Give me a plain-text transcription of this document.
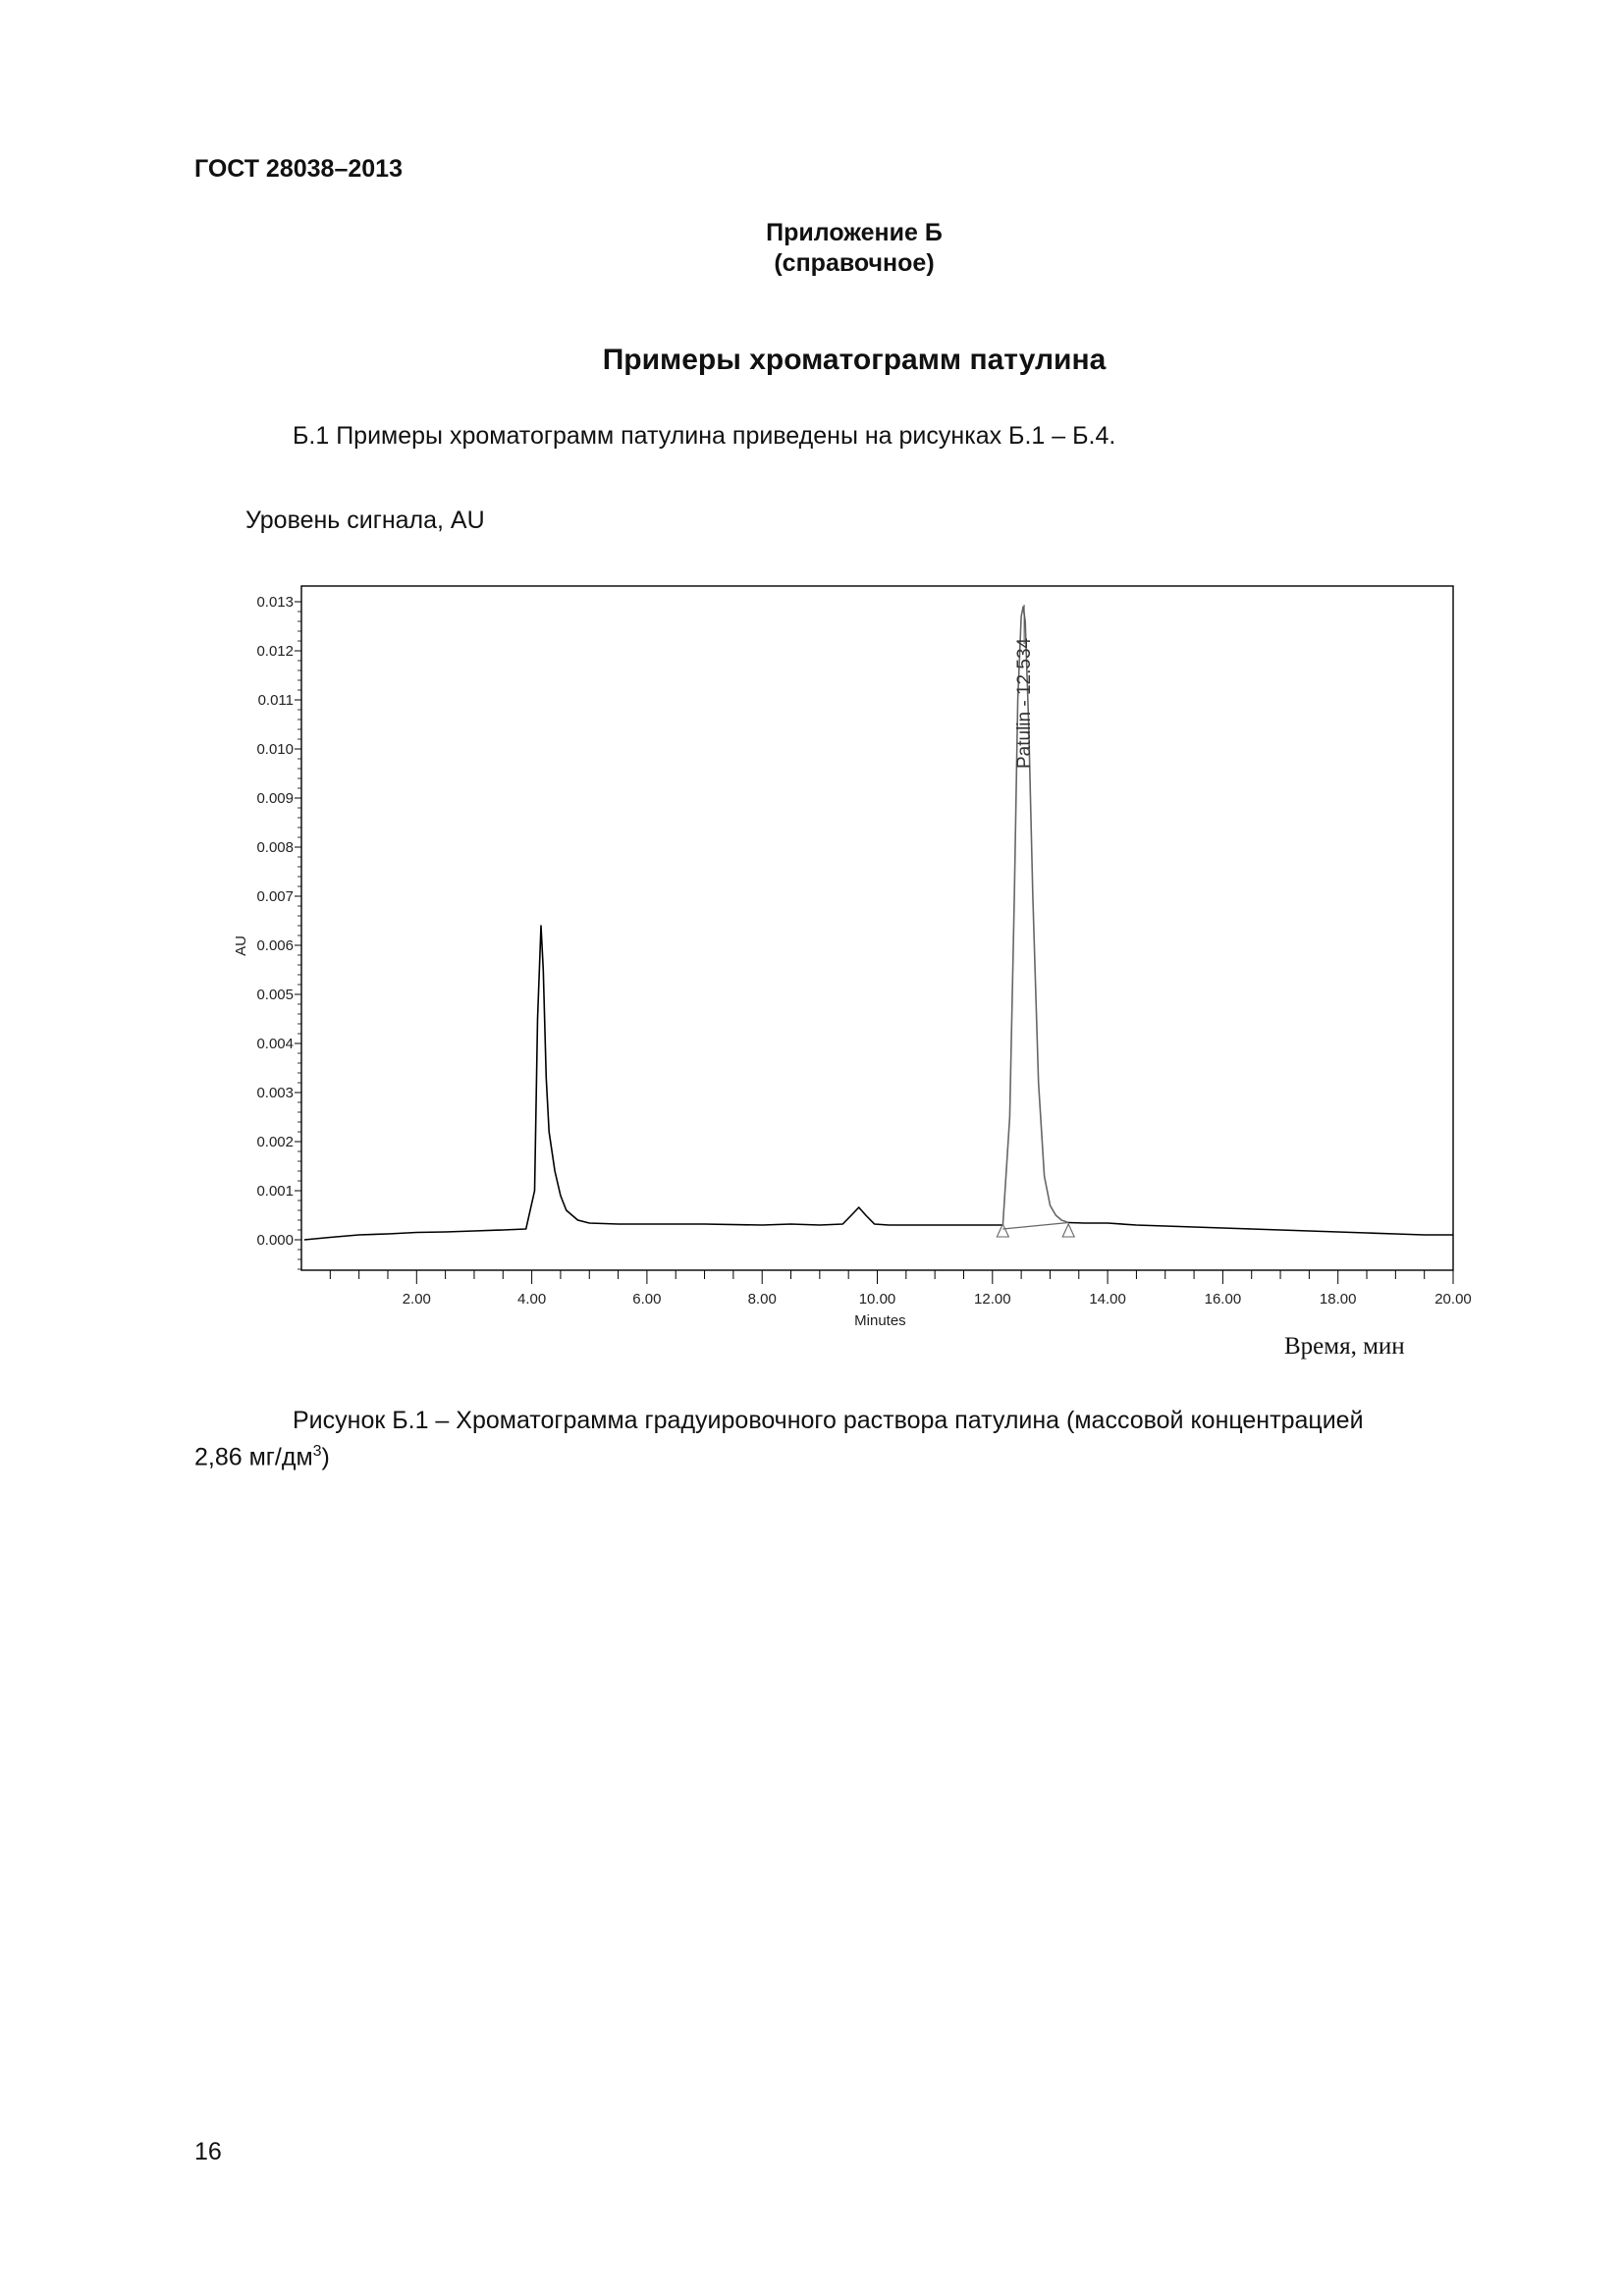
ГОСТ 28038–2013
Приложение Б
(справочное)
Примеры хроматограмм патулина
Б.1 Примеры хроматограмм патулина приведены на рисунках Б.1 – Б.4.
Уровень сигнала, AU
0.000
0.001
0.002
0.003
0.004
0.005
0.006
0.007
0.008
0.009
0.010
0.011
0.012
0.013
AU
2.00	4.00	6.00	8.00	10.00	12.00	14.00	16.00	18.00	20.00
Minutes
Patulin - 12.534
Время, мин
Рисунок Б.1 – Хроматограмма градуировочного раствора патулина (массовой концентрацией
2,86 $мг/дм^3$)
16
